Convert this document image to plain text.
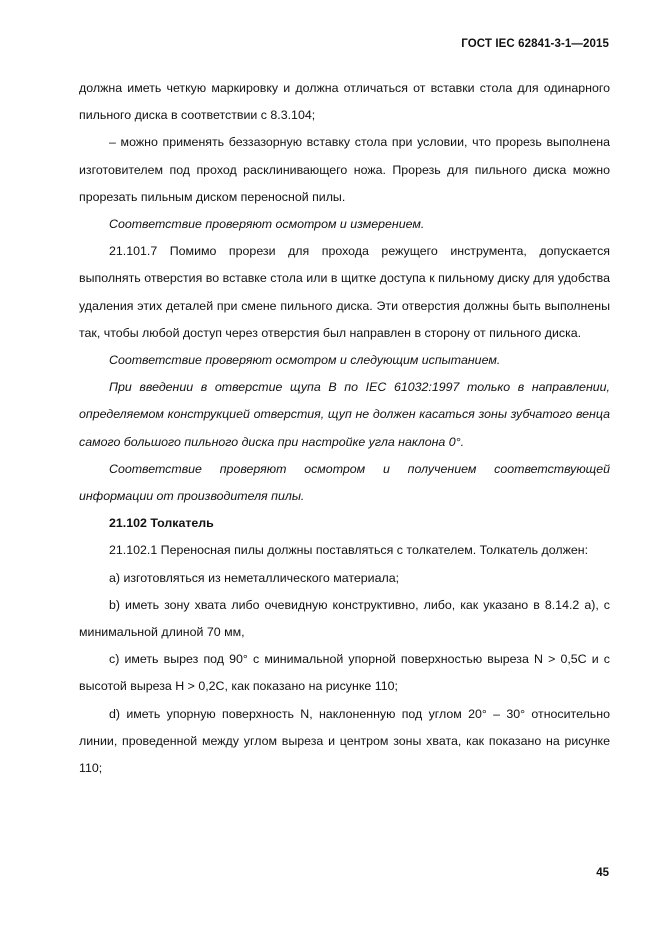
ГОСТ IEC 62841-3-1—2015

должна иметь четкую маркировку и должна отличаться от вставки стола для одинарного пильного диска в соответствии с 8.3.104;

– можно применять беззазорную вставку стола при условии, что прорезь выполнена изготовителем под проход расклинивающего ножа. Прорезь для пильного диска можно прорезать пильным диском переносной пилы.

Соответствие проверяют осмотром и измерением.

21.101.7 Помимо прорези для прохода режущего инструмента, допускается выполнять отверстия во вставке стола или в щитке доступа к пильному диску для удобства удаления этих деталей при смене пильного диска. Эти отверстия должны быть выполнены так, чтобы любой доступ через отверстия был направлен в сторону от пильного диска.

Соответствие проверяют осмотром и следующим испытанием.

При введении в отверстие щупа В по IEC 61032:1997 только в направлении, определяемом конструкцией отверстия, щуп не должен касаться зоны зубчатого венца самого большого пильного диска при настройке угла наклона 0°.

Соответствие проверяют осмотром и получением соответствующей информации от производителя пилы.

21.102 Толкатель

21.102.1 Переносная пилы должны поставляться с толкателем. Толкатель должен:

a) изготовляться из неметаллического материала;

b) иметь зону хвата либо очевидную конструктивно, либо, как указано в 8.14.2 a), с минимальной длиной 70 мм,

c) иметь вырез под 90° с минимальной упорной поверхностью выреза N > 0,5C и с высотой выреза H > 0,2C, как показано на рисунке 110;

d) иметь упорную поверхность N, наклоненную под углом 20° – 30° относительно линии, проведенной между углом выреза и центром зоны хвата, как показано на рисунке 110;

45
